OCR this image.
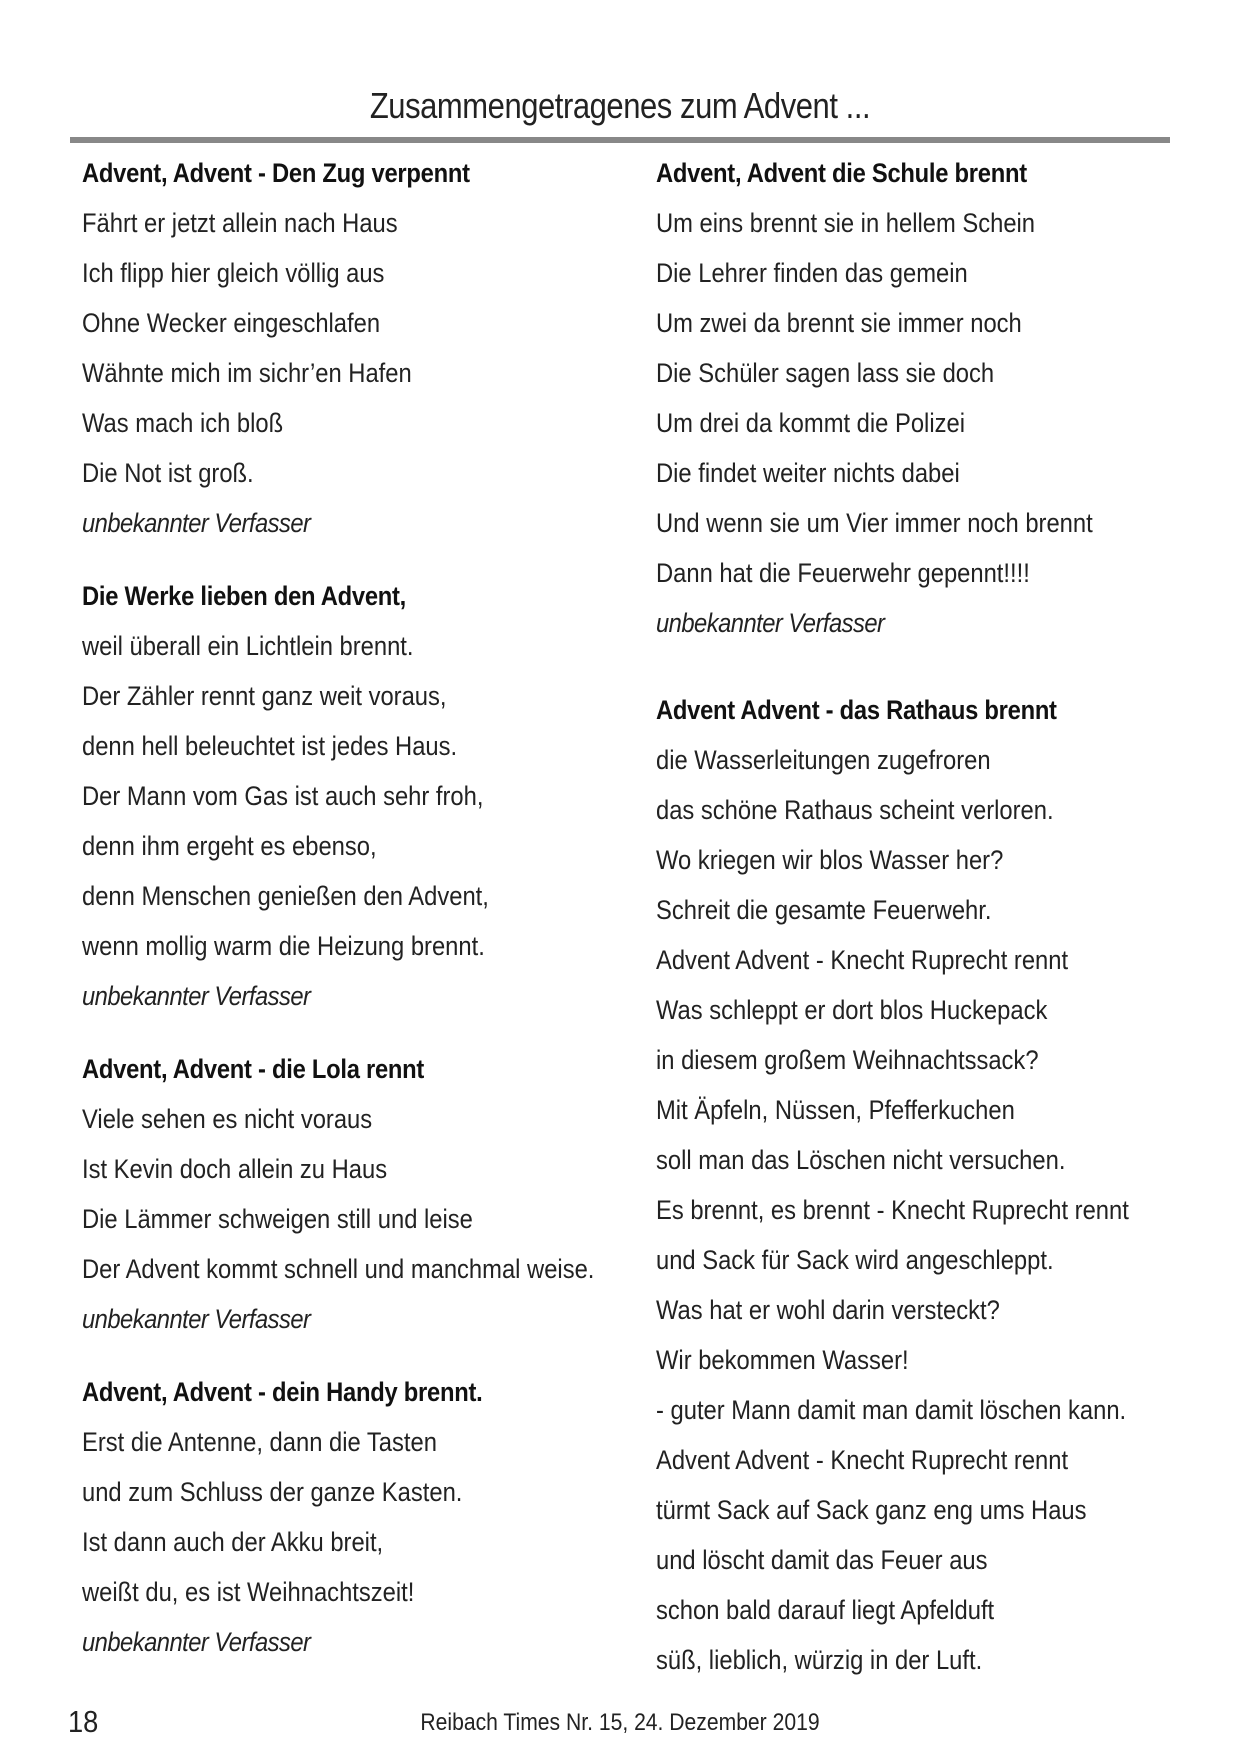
Zusammengetragenes zum Advent ...
Advent, Advent - Den Zug verpennt
Fährt er jetzt allein nach Haus
Ich flipp hier gleich völlig aus
Ohne Wecker eingeschlafen
Wähnte mich im sichr’en Hafen
Was mach ich bloß
Die Not ist groß.
unbekannter Verfasser
Die Werke lieben den Advent,
weil überall ein Lichtlein brennt.
Der Zähler rennt ganz weit voraus,
denn hell beleuchtet ist jedes Haus.
Der Mann vom Gas ist auch sehr froh,
denn ihm ergeht es ebenso,
denn Menschen genießen den Advent,
wenn mollig warm die Heizung brennt.
unbekannter Verfasser
Advent, Advent - die Lola rennt
Viele sehen es nicht voraus
Ist Kevin doch allein zu Haus
Die Lämmer schweigen still und leise
Der Advent kommt schnell und manchmal weise.
unbekannter Verfasser
Advent, Advent - dein Handy brennt.
Erst die Antenne, dann die Tasten
und zum Schluss der ganze Kasten.
Ist dann auch der Akku breit,
weißt du, es ist Weihnachtszeit!
unbekannter Verfasser
Advent, Advent die Schule brennt
Um eins brennt sie in hellem Schein
Die Lehrer finden das gemein
Um zwei da brennt sie immer noch
Die Schüler sagen lass sie doch
Um drei da kommt die Polizei
Die findet weiter nichts dabei
Und wenn sie um Vier immer noch brennt
Dann hat die Feuerwehr gepennt!!!!
unbekannter Verfasser
Advent Advent - das Rathaus brennt
die Wasserleitungen zugefroren
das schöne Rathaus scheint verloren.
Wo kriegen wir blos Wasser her?
Schreit die gesamte Feuerwehr.
Advent Advent - Knecht Ruprecht rennt
Was schleppt er dort blos Huckepack
in diesem großem Weihnachtssack?
Mit Äpfeln, Nüssen, Pfefferkuchen
soll man das Löschen nicht versuchen.
Es brennt, es brennt - Knecht Ruprecht rennt
und Sack für Sack wird angeschleppt.
Was hat er wohl darin versteckt?
Wir bekommen Wasser!
- guter Mann damit man damit löschen kann.
Advent Advent - Knecht Ruprecht rennt
türmt Sack auf Sack ganz eng ums Haus
und löscht damit das Feuer aus
schon bald darauf liegt Apfelduft
süß, lieblich, würzig in der Luft.
18	Reibach Times Nr. 15, 24. Dezember 2019
